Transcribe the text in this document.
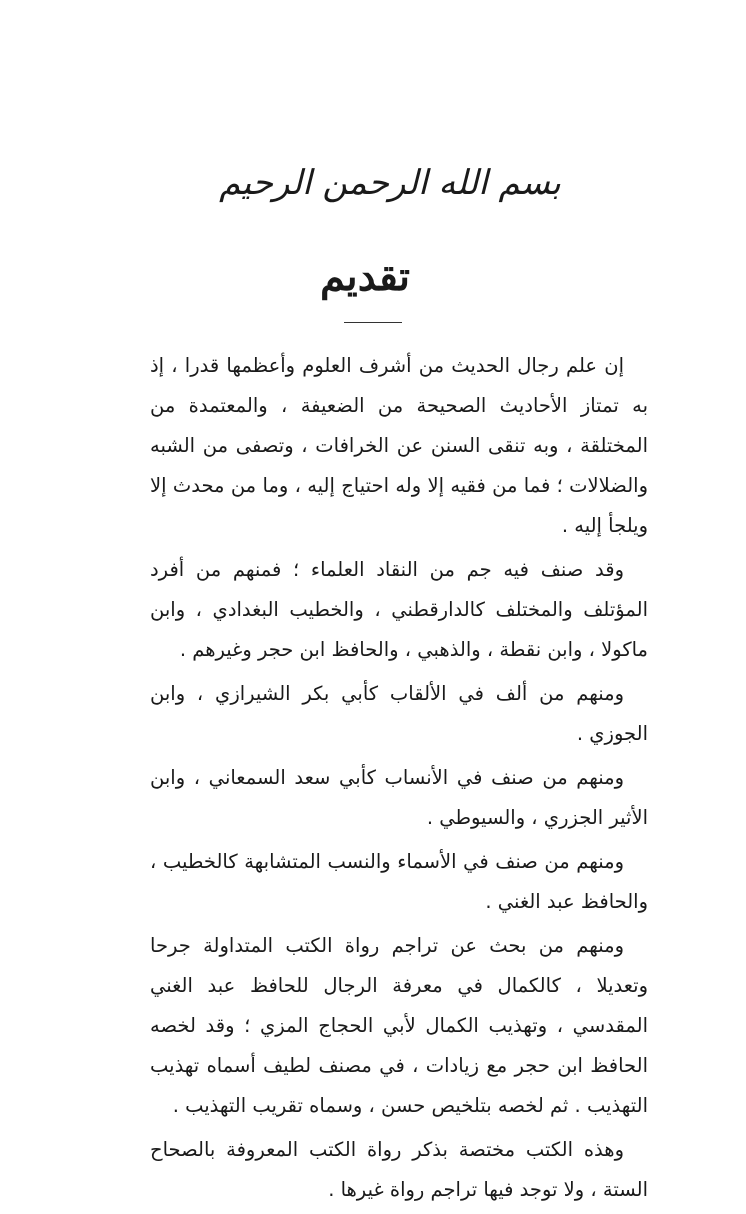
بسم الله الرحمن الرحيم
تقديم

إن علم رجال الحديث من أشرف العلوم وأعظمها قدرا ، إذ به تمتاز الأحاديث الصحيحة من الضعيفة ، والمعتمدة من المختلقة ، وبه تنقى السنن عن الخرافات ، وتصفى من الشبه والضلالات ؛ فما من فقيه إلا وله احتياج إليه ، وما من محدث إلا ويلجأ إليه .

وقد صنف فيه جم من النقاد العلماء ؛ فمنهم من أفرد المؤتلف والمختلف كالدارقطني ، والخطيب البغدادي ، وابن ماكولا ، وابن نقطة ، والذهبي ، والحافظ ابن حجر وغيرهم .

ومنهم من ألف في الألقاب كأبي بكر الشيرازي ، وابن الجوزي .

ومنهم من صنف في الأنساب كأبي سعد السمعاني ، وابن الأثير الجزري ، والسيوطي .

ومنهم من صنف في الأسماء والنسب المتشابهة كالخطيب ، والحافظ عبد الغني .

ومنهم من بحث عن تراجم رواة الكتب المتداولة جرحا وتعديلا ، كالكمال في معرفة الرجال للحافظ عبد الغني المقدسي ، وتهذيب الكمال لأبي الحجاج المزي ؛ وقد لخصه الحافظ ابن حجر مع زيادات ، في مصنف لطيف أسماه تهذيب التهذيب . ثم لخصه بتلخيص حسن ، وسماه تقريب التهذيب .

وهذه الكتب مختصة بذكر رواة الكتب المعروفة بالصحاح الستة ، ولا توجد فيها تراجم رواة غيرها .
